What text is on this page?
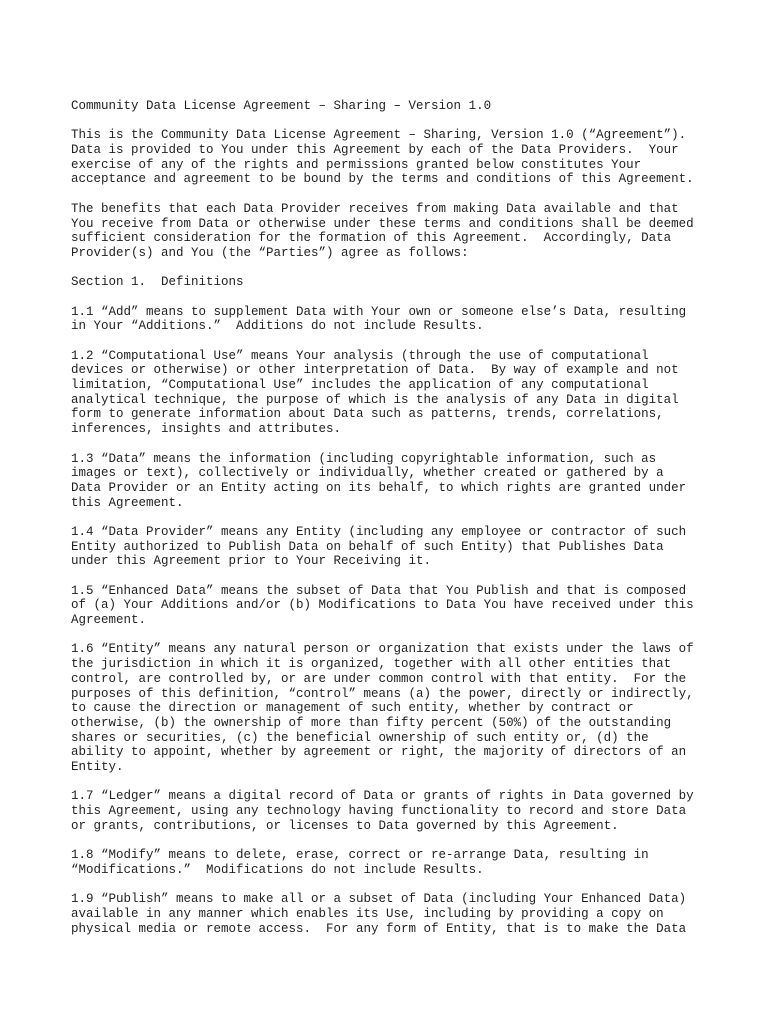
Community Data License Agreement – Sharing – Version 1.0
This is the Community Data License Agreement – Sharing, Version 1.0 (“Agreement”).
Data is provided to You under this Agreement by each of the Data Providers.  Your
exercise of any of the rights and permissions granted below constitutes Your
acceptance and agreement to be bound by the terms and conditions of this Agreement.
The benefits that each Data Provider receives from making Data available and that
You receive from Data or otherwise under these terms and conditions shall be deemed
sufficient consideration for the formation of this Agreement.  Accordingly, Data
Provider(s) and You (the “Parties”) agree as follows:
Section 1.  Definitions
1.1 “Add” means to supplement Data with Your own or someone else’s Data, resulting
in Your “Additions.”  Additions do not include Results.
1.2 “Computational Use” means Your analysis (through the use of computational
devices or otherwise) or other interpretation of Data.  By way of example and not
limitation, “Computational Use” includes the application of any computational
analytical technique, the purpose of which is the analysis of any Data in digital
form to generate information about Data such as patterns, trends, correlations,
inferences, insights and attributes.
1.3 “Data” means the information (including copyrightable information, such as
images or text), collectively or individually, whether created or gathered by a
Data Provider or an Entity acting on its behalf, to which rights are granted under
this Agreement.
1.4 “Data Provider” means any Entity (including any employee or contractor of such
Entity authorized to Publish Data on behalf of such Entity) that Publishes Data
under this Agreement prior to Your Receiving it.
1.5 “Enhanced Data” means the subset of Data that You Publish and that is composed
of (a) Your Additions and/or (b) Modifications to Data You have received under this
Agreement.
1.6 “Entity” means any natural person or organization that exists under the laws of
the jurisdiction in which it is organized, together with all other entities that
control, are controlled by, or are under common control with that entity.  For the
purposes of this definition, “control” means (a) the power, directly or indirectly,
to cause the direction or management of such entity, whether by contract or
otherwise, (b) the ownership of more than fifty percent (50%) of the outstanding
shares or securities, (c) the beneficial ownership of such entity or, (d) the
ability to appoint, whether by agreement or right, the majority of directors of an
Entity.
1.7 “Ledger” means a digital record of Data or grants of rights in Data governed by
this Agreement, using any technology having functionality to record and store Data
or grants, contributions, or licenses to Data governed by this Agreement.
1.8 “Modify” means to delete, erase, correct or re-arrange Data, resulting in
“Modifications.”  Modifications do not include Results.
1.9 “Publish” means to make all or a subset of Data (including Your Enhanced Data)
available in any manner which enables its Use, including by providing a copy on
physical media or remote access.  For any form of Entity, that is to make the Data
